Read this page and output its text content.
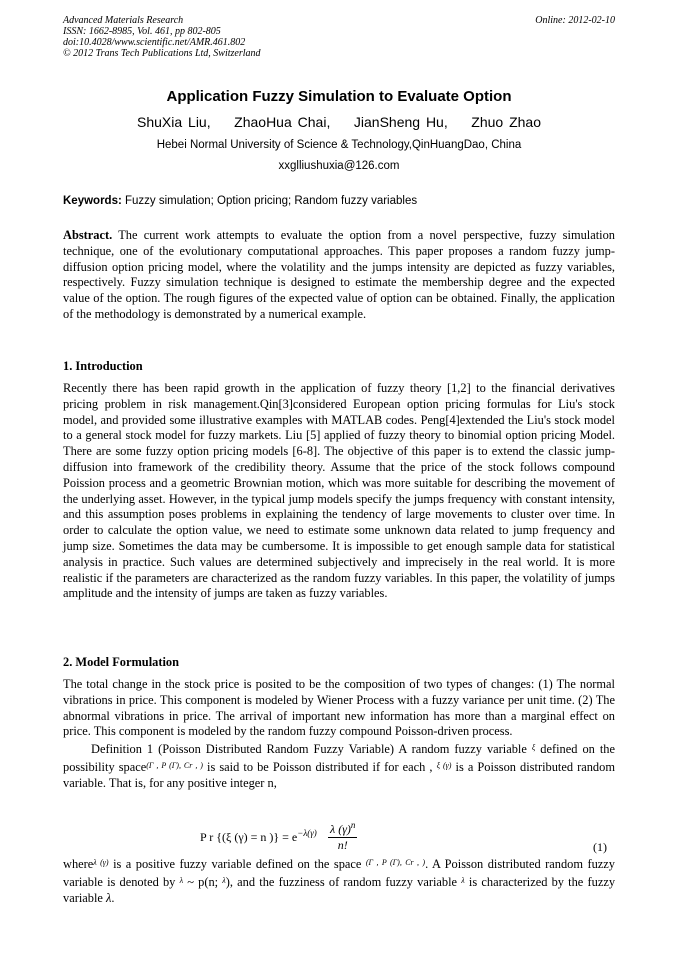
Advanced Materials Research
ISSN: 1662-8985, Vol. 461, pp 802-805
doi:10.4028/www.scientific.net/AMR.461.802
© 2012 Trans Tech Publications Ltd, Switzerland
Online: 2012-02-10
Application Fuzzy Simulation to Evaluate Option
ShuXia Liu,    ZhaoHua Chai,    JianSheng Hu,    Zhuo Zhao
Hebei Normal University of Science & Technology,QinHuangDao, China
xxglliushuxia@126.com
Keywords: Fuzzy simulation; Option pricing; Random fuzzy variables
Abstract. The current work attempts to evaluate the option from a novel perspective, fuzzy simulation technique, one of the evolutionary computational approaches. This paper proposes a random fuzzy jump-diffusion option pricing model, where the volatility and the jumps intensity are depicted as fuzzy variables, respectively. Fuzzy simulation technique is designed to estimate the membership degree and the expected value of the option. The rough figures of the expected value of option can be obtained. Finally, the application of the methodology is demonstrated by a numerical example.
1. Introduction
Recently there has been rapid growth in the application of fuzzy theory [1,2] to the financial derivatives pricing problem in risk management.Qin[3]considered European option pricing formulas for Liu's stock model, and provided some illustrative examples with MATLAB codes. Peng[4]extended the Liu's stock model to a general stock model for fuzzy markets. Liu [5] applied of fuzzy theory to binomial option pricing Model. There are some fuzzy option pricing models [6-8]. The objective of this paper is to extend the classic jump-diffusion into framework of the credibility theory. Assume that the price of the stock follows compound Poission process and a geometric Brownian motion, which was more suitable for describing the movement of the underlying asset. However, in the typical jump models specify the jumps frequency with constant intensity, and this assumption poses problems in explaining the tendency of large movements to cluster over time. In order to calculate the option value, we need to estimate some unknown data related to jump frequency and jump size. Sometimes the data may be cumbersome. It is impossible to get enough sample data for statistical analysis in practice. Such values are determined subjectively and imprecisely in the real world. It is more realistic if the parameters are characterized as the random fuzzy variables. In this paper, the volatility of jumps amplitude and the intensity of jumps are taken as fuzzy variables.
2. Model Formulation
The total change in the stock price is posited to be the composition of two types of changes: (1) The normal vibrations in price. This component is modeled by Wiener Process with a fuzzy variance per unit time. (2) The abnormal vibrations in price. The arrival of important new information has more than a marginal effect on price. This component is modeled by the random fuzzy compound Poisson-driven process.
Definition 1 (Poisson Distributed Random Fuzzy Variable) A random fuzzy variable $^\xi$ defined on the possibility space$^{(\Gamma , P (\Gamma), Cr , )}$ is said to be Poisson distributed if for each , $^{\xi (\gamma)}$ is a Poisson distributed random variable. That is, for any positive integer n,
P r {(ξ (γ) = n )} = $e^{-\lambda(\gamma)} \frac{\lambda (\gamma)^n}{n!}$	(1)
where$^{\lambda (\gamma)}$ is a positive fuzzy variable defined on the space $^{(\Gamma , P (\Gamma), Cr , )}$. A Poisson distributed random fuzzy variable is denoted by $^\lambda$ ~ p(n; $^\lambda$), and the fuzziness of random fuzzy variable $^\lambda$ is characterized by the fuzzy variable λ.
